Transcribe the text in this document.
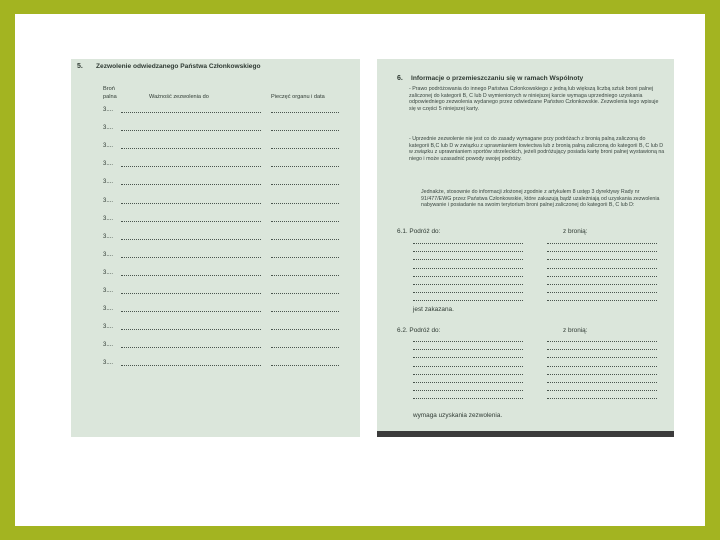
5. Zezwolenie odwiedzanego Państwa Członkowskiego
Broń
palna	Ważność zezwolenia do	Pieczęć organu i data
3....
3....
3....
3....
3....
3....
3....
3....
3....
3....
3....
3....
3....
3....
3....
6. Informacje o przemieszczaniu się w ramach Wspólnoty
- Prawo podróżowania do innego Państwa Członkowskiego z jedną lub większą liczbą sztuk broni palnej zaliczonej do kategorii B, C lub D wymienionych w niniejszej karcie wymaga uprzedniego uzyskania odpowiedniego zezwolenia wydanego przez odwiedzane Państwo Członkowskie. Zezwolenia tego wpisuje się w części 5 niniejszej karty.
- Uprzednie zezwolenie nie jest co do zasady wymagane przy podróżach z bronią palną zaliczoną do kategorii B,C lub D w związku z uprawnianiem łowiectwa lub z bronią palną zaliczoną do kategorii B, C lub D w związku z uprawnianiem sportów strzeleckich, jeżeli podróżujący posiada kartę broni palnej wystawioną na niego i może uzasadnić powody swojej podróży.
Jednakże, stosownie do informacji złożonej zgodnie z artykułem 8 ustęp 3 dyrektywy Rady nr 91/477/EWG przez Państwa Członkowskie, które zakazują bądź uzależniają od uzyskania zezwolenia nabywanie i posiadanie na swoim terytorium broni palnej zaliczonej do kategorii B, C lub D:
6.1. Podróż do:	z bronią:
jest zakazana.
6.2. Podróż do:	z bronią:
wymaga uzyskania zezwolenia.
